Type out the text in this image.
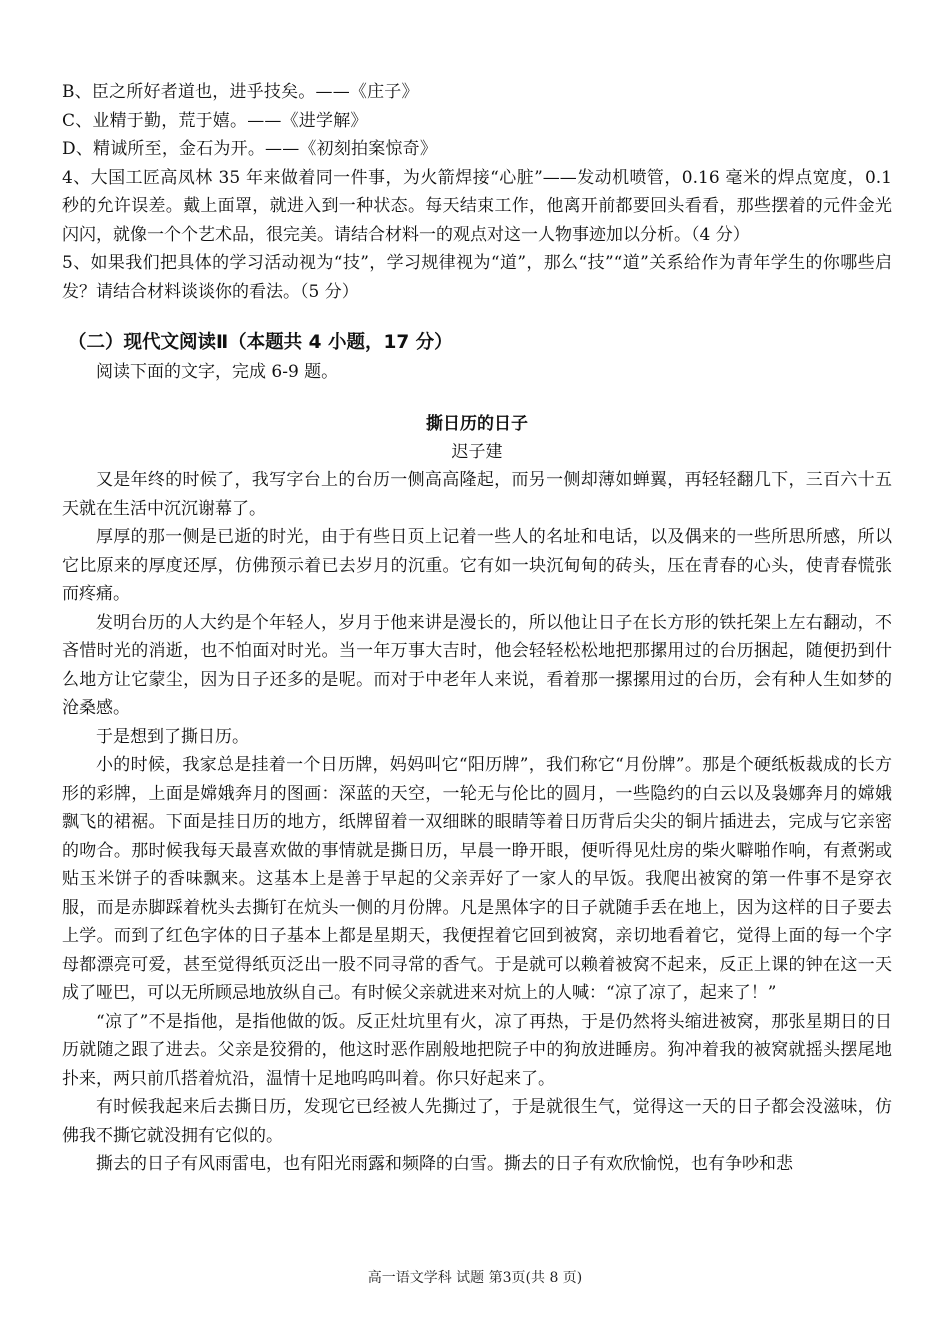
B、臣之所好者道也，进乎技矣。——《庄子》
C、业精于勤，荒于嬉。——《进学解》
D、精诚所至，金石为开。——《初刻拍案惊奇》

4、大国工匠高凤林 35 年来做着同一件事，为火箭焊接“心脏”——发动机喷管，0.16 毫米的焊点宽度，0.1 秒的允许误差。戴上面罩，就进入到一种状态。每天结束工作，他离开前都要回头看看，那些摆着的元件金光闪闪，就像一个个艺术品，很完美。请结合材料一的观点对这一人物事迹加以分析。（4 分）

5、如果我们把具体的学习活动视为“技”，学习规律视为“道”，那么“技”“道”关系给作为青年学生的你哪些启发？请结合材料谈谈你的看法。（5 分）

（二）现代文阅读Ⅱ（本题共 4 小题，17 分）
阅读下面的文字，完成 6-9 题。
撕日历的日子
迟子建

又是年终的时候了，我写字台上的台历一侧高高隆起，而另一侧却薄如蝉翼，再轻轻翻几下，三百六十五天就在生活中沉沉谢幕了。

厚厚的那一侧是已逝的时光，由于有些日页上记着一些人的名址和电话，以及偶来的一些所思所感，所以它比原来的厚度还厚，仿佛预示着已去岁月的沉重。它有如一块沉甸甸的砖头，压在青春的心头，使青春慌张而疼痛。

发明台历的人大约是个年轻人，岁月于他来讲是漫长的，所以他让日子在长方形的铁托架上左右翻动，不吝惜时光的消逝，也不怕面对时光。当一年万事大吉时，他会轻轻松松地把那摞用过的台历捆起，随便扔到什么地方让它蒙尘，因为日子还多的是呢。而对于中老年人来说，看着那一摞摞用过的台历，会有种人生如梦的沧桑感。

于是想到了撕日历。

小的时候，我家总是挂着一个日历牌，妈妈叫它“阳历牌”，我们称它“月份牌”。那是个硬纸板裁成的长方形的彩牌，上面是嫦娥奔月的图画：深蓝的天空，一轮无与伦比的圆月，一些隐约的白云以及袅娜奔月的嫦娥飘飞的裙裾。下面是挂日历的地方，纸牌留着一双细眯的眼睛等着日历背后尖尖的铜片插进去，完成与它亲密的吻合。那时候我每天最喜欢做的事情就是撕日历，早晨一睁开眼，便听得见灶房的柴火噼啪作响，有煮粥或贴玉米饼子的香味飘来。这基本上是善于早起的父亲弄好了一家人的早饭。我爬出被窝的第一件事不是穿衣服，而是赤脚踩着枕头去撕钉在炕头一侧的月份牌。凡是黑体字的日子就随手丢在地上，因为这样的日子要去上学。而到了红色字体的日子基本上都是星期天，我便捏着它回到被窝，亲切地看着它，觉得上面的每一个字母都漂亮可爱，甚至觉得纸页泛出一股不同寻常的香气。于是就可以赖着被窝不起来，反正上课的钟在这一天成了哑巴，可以无所顾忌地放纵自己。有时候父亲就进来对炕上的人喊：“凉了凉了，起来了！”

“凉了”不是指他，是指他做的饭。反正灶坑里有火，凉了再热，于是仍然将头缩进被窝，那张星期日的日历就随之跟了进去。父亲是狡猾的，他这时恶作剧般地把院子中的狗放进睡房。狗冲着我的被窝就摇头摆尾地扑来，两只前爪搭着炕沿，温情十足地呜呜叫着。你只好起来了。

有时候我起来后去撕日历，发现它已经被人先撕过了，于是就很生气，觉得这一天的日子都会没滋味，仿佛我不撕它就没拥有它似的。

撕去的日子有风雨雷电，也有阳光雨露和频降的白雪。撕去的日子有欢欣愉悦，也有争吵和悲

高一语文学科 试题 第3页(共 8 页)
